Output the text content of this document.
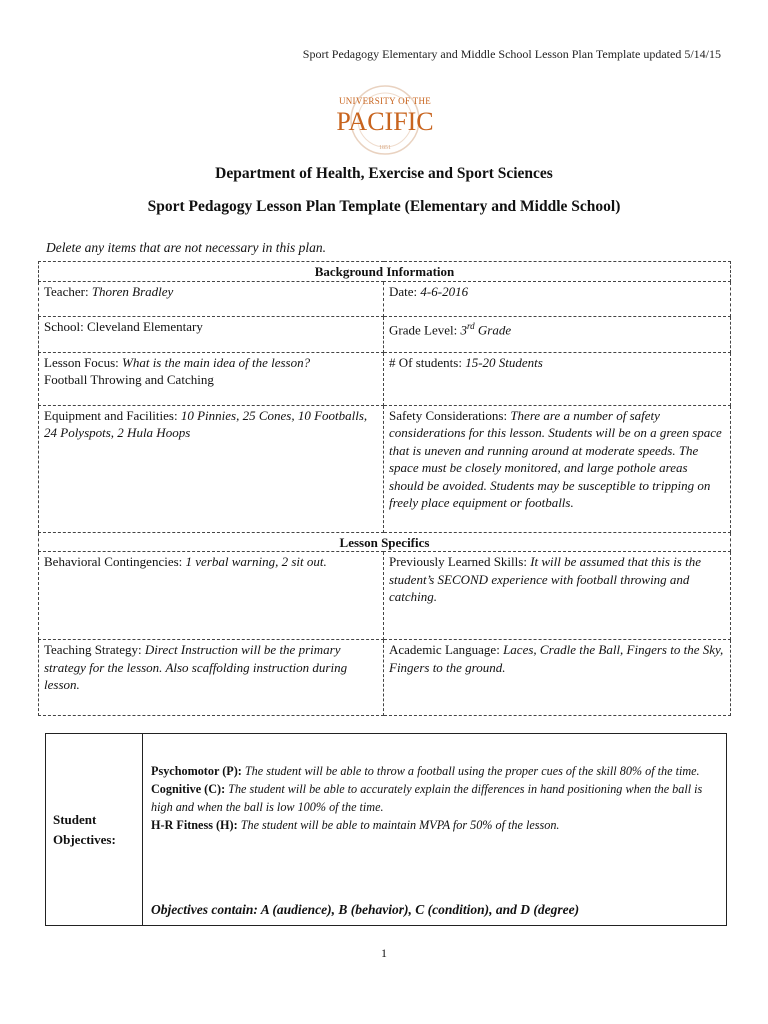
Sport Pedagogy Elementary and Middle School Lesson Plan Template updated 5/14/15
UNIVERSITY OF THE
PACIFIC
1851
Department of Health, Exercise and Sport Sciences
Sport Pedagogy Lesson Plan Template (Elementary and Middle School)
Delete any items that are not necessary in this plan.
Background Information	
Teacher: Thoren Bradley	Date: 4-6-2016
School: Cleveland Elementary	Grade Level: 3rd Grade
Lesson Focus: What is the main idea of the lesson?
Football Throwing and Catching	# Of students: 15-20 Students
Equipment and Facilities: 10 Pinnies, 25 Cones, 10 Footballs, 24 Polyspots, 2 Hula Hoops	Safety Considerations: There are a number of safety considerations for this lesson. Students will be on a green space that is uneven and running around at moderate speeds. The space must be closely monitored, and large pothole areas should be avoided. Students may be susceptible to tripping on freely place equipment or footballs.
Lesson Specifics	
Behavioral Contingencies: 1 verbal warning, 2 sit out.	Previously Learned Skills: It will be assumed that this is the student’s SECOND experience with football throwing and catching.
Teaching Strategy: Direct Instruction will be the primary strategy for the lesson. Also scaffolding instruction during lesson.	Academic Language: Laces, Cradle the Ball, Fingers to the Sky, Fingers to the ground.
Student
Objectives:
Psychomotor (P): The student will be able to throw a football using the proper cues of the skill 80% of the time.
Cognitive (C): The student will be able to accurately explain the differences in hand positioning when the ball is high and when the ball is low 100% of the time.
H-R Fitness (H): The student will be able to maintain MVPA for 50% of the lesson.
Objectives contain: A (audience), B (behavior), C (condition), and D (degree)
1
